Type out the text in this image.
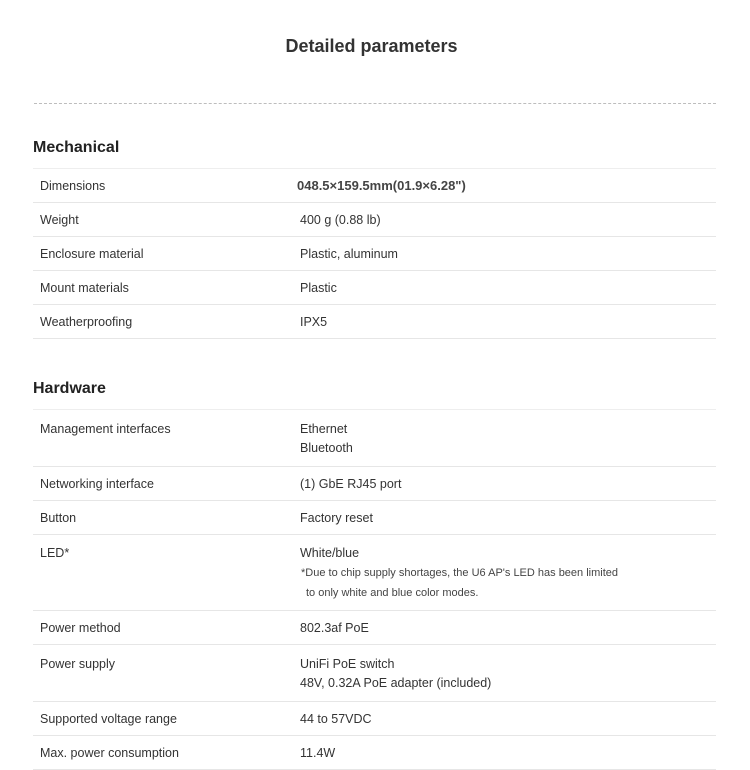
Detailed parameters
Mechanical
Dimensions	048.5×159.5mm(01.9×6.28")
Weight	400 g (0.88 lb)
Enclosure material	Plastic, aluminum
Mount materials	Plastic
Weatherproofing	IPX5
Hardware
Management interfaces	Ethernet
Bluetooth
Networking interface	(1) GbE RJ45 port
Button	Factory reset
LED*	White/blue
*Due to chip supply shortages, the U6 AP's LED has been limited
to only white and blue color modes.
Power method	802.3af PoE
Power supply	UniFi PoE switch
48V, 0.32A PoE adapter (included)
Supported voltage range	44 to 57VDC
Max. power consumption	11.4W
